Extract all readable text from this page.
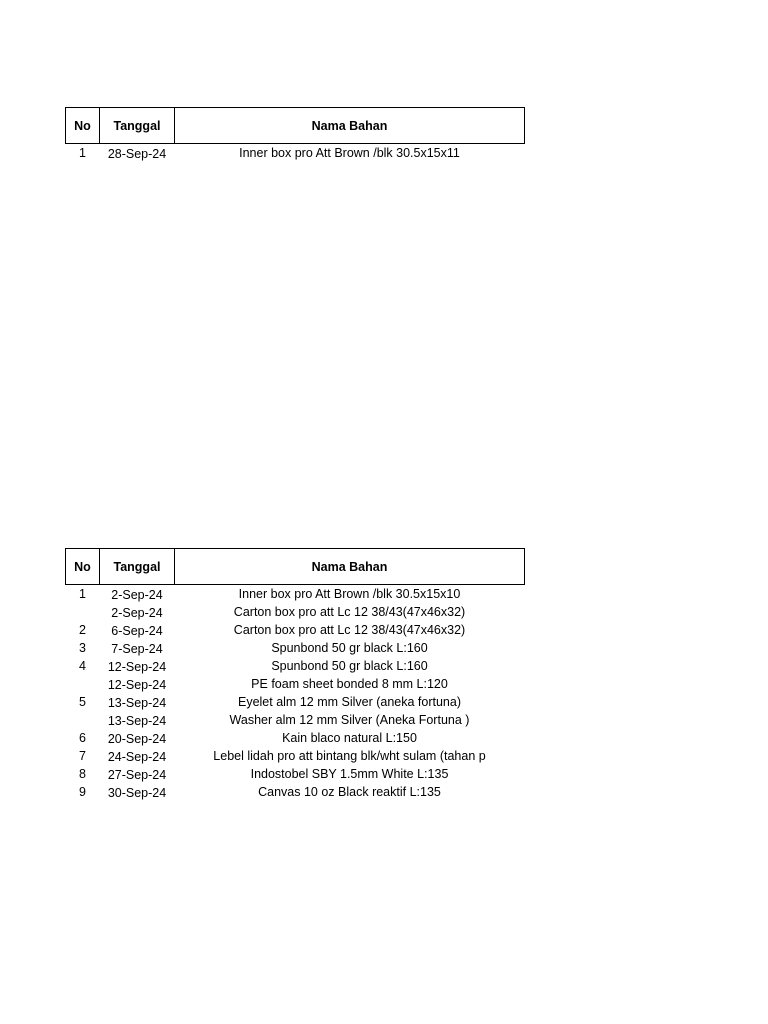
No	Tanggal	Nama Bahan
1	28-Sep-24	Inner box pro Att Brown /blk 30.5x15x11
No	Tanggal	Nama Bahan
1	2-Sep-24	Inner box pro Att Brown /blk 30.5x15x10
	2-Sep-24	Carton box pro att Lc 12 38/43(47x46x32)
2	6-Sep-24	Carton box pro att Lc 12 38/43(47x46x32)
3	7-Sep-24	Spunbond 50 gr black L:160
4	12-Sep-24	Spunbond 50 gr black L:160
	12-Sep-24	PE foam sheet bonded 8 mm L:120
5	13-Sep-24	Eyelet alm 12 mm Silver (aneka fortuna)
	13-Sep-24	Washer alm 12 mm Silver (Aneka Fortuna )
6	20-Sep-24	Kain blaco natural L:150
7	24-Sep-24	Lebel lidah pro att bintang blk/wht sulam (tahan p
8	27-Sep-24	Indostobel SBY 1.5mm White L:135
9	30-Sep-24	Canvas 10 oz Black reaktif L:135
